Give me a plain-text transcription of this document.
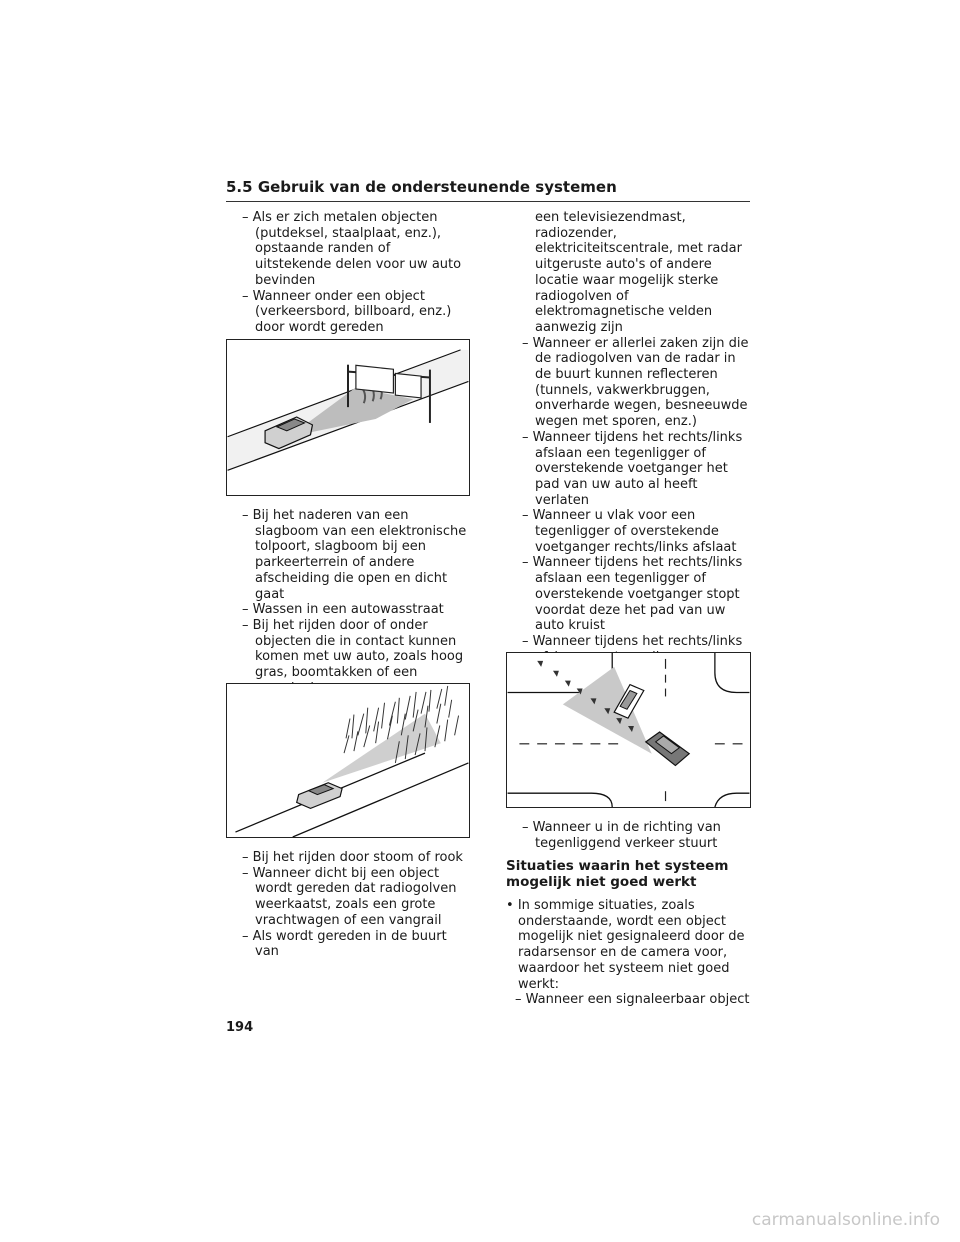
5.5 Gebruik van de ondersteunende systemen

– Als er zich metalen objecten (putdeksel, staalplaat, enz.), opstaande randen of uitstekende delen voor uw auto bevinden

– Wanneer onder een object (verkeersbord, billboard, enz.) door wordt gereden

– Bij het naderen van een slagboom van een elektronische tolpoort, slagboom bij een parkeerterrein of andere afscheiding die open en dicht gaat

– Wassen in een autowasstraat

– Bij het rijden door of onder objecten die in contact kunnen komen met uw auto, zoals hoog gras, boomtakken of een

– Bij het rijden door stoom of rook

– Wanneer dicht bij een object wordt gereden dat radiogolven weerkaatst, zoals een grote vrachtwagen of een vangrail

– Als wordt gereden in de buurt van

een televisiezendmast, radiozender, elektriciteitscentrale, met radar uitgeruste auto's of andere locatie waar mogelijk sterke radiogolven of elektromagnetische velden aanwezig zijn

– Wanneer er allerlei zaken zijn die de radiogolven van de radar in de buurt kunnen reflecteren (tunnels, vakwerkbruggen, onverharde wegen, besneeuwde wegen met sporen, enz.)

– Wanneer tijdens het rechts/links afslaan een tegenligger of overstekende voetganger het pad van uw auto al heeft verlaten

– Wanneer u vlak voor een tegenligger of overstekende voetganger rechts/links afslaat

– Wanneer tijdens het rechts/links afslaan een tegenligger of overstekende voetganger stopt voordat deze het pad van uw auto kruist

– Wanneer tijdens het rechts/links

– Wanneer u in de richting van tegenliggend verkeer stuurt

Situaties waarin het systeem mogelijk niet goed werkt

• In sommige situaties, zoals onderstaande, wordt een object mogelijk niet gesignaleerd door de radarsensor en de camera voor, waardoor het systeem niet goed werkt:

– Wanneer een signaleerbaar object

194
carmanualsonline.info
